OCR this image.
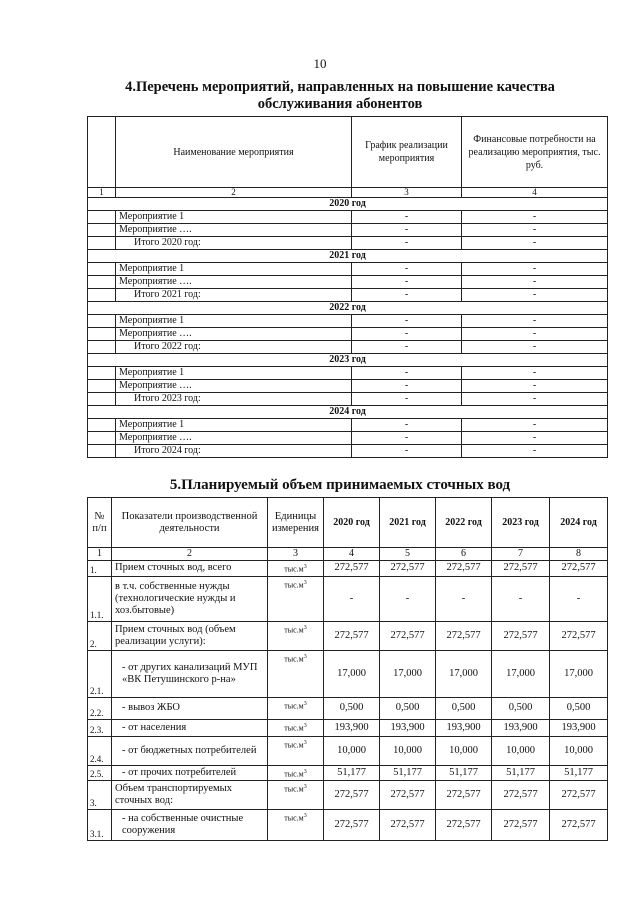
10
4.Перечень мероприятий, направленных на повышение качества
обслуживания абонентов
	Наименование мероприятия	График реализации мероприятия	Финансовые потребности на реализацию мероприятия, тыс. руб.
1	2	3	4
2020 год			
	Мероприятие 1	-	-
	Мероприятие ….	-	-
	Итого 2020 год:	-	-
2021 год			
	Мероприятие 1	-	-
	Мероприятие ….	-	-
	Итого 2021 год:	-	-
2022 год			
	Мероприятие 1	-	-
	Мероприятие ….	-	-
	Итого 2022 год:	-	-
2023 год			
	Мероприятие 1	-	-
	Мероприятие ….	-	-
	Итого 2023 год:	-	-
2024 год			
	Мероприятие 1	-	-
	Мероприятие ….	-	-
	Итого 2024 год:	-	-
5.Планируемый объем принимаемых сточных вод
№ п/п	Показатели производственной деятельности	Единицы измерения	2020 год	2021 год	2022 год	2023 год	2024 год
1	2	3	4	5	6	7	8
1.	Прием сточных вод, всего	$тыс.м^3$	272,577	272,577	272,577	272,577	272,577
1.1.	в т.ч. собственные нужды (технологические нужды и хоз.бытовые)	$тыс.м^3$	-	-	-	-	-
2.	Прием сточных вод (объем реализации услуги):	$тыс.м^3$	272,577	272,577	272,577	272,577	272,577
2.1.	- от других канализаций МУП «ВК Петушинского р-на»	$тыс.м^3$	17,000	17,000	17,000	17,000	17,000
2.2.	- вывоз ЖБО	$тыс.м^3$	0,500	0,500	0,500	0,500	0,500
2.3.	- от населения	$тыс.м^3$	193,900	193,900	193,900	193,900	193,900
2.4.	- от бюджетных потребителей	$тыс.м^3$	10,000	10,000	10,000	10,000	10,000
2.5.	- от прочих потребителей	$тыс.м^3$	51,177	51,177	51,177	51,177	51,177
3.	Объем транспортируемых сточных вод:	$тыс.м^3$	272,577	272,577	272,577	272,577	272,577
3.1.	- на собственные очистные сооружения	$тыс.м^3$	272,577	272,577	272,577	272,577	272,577
